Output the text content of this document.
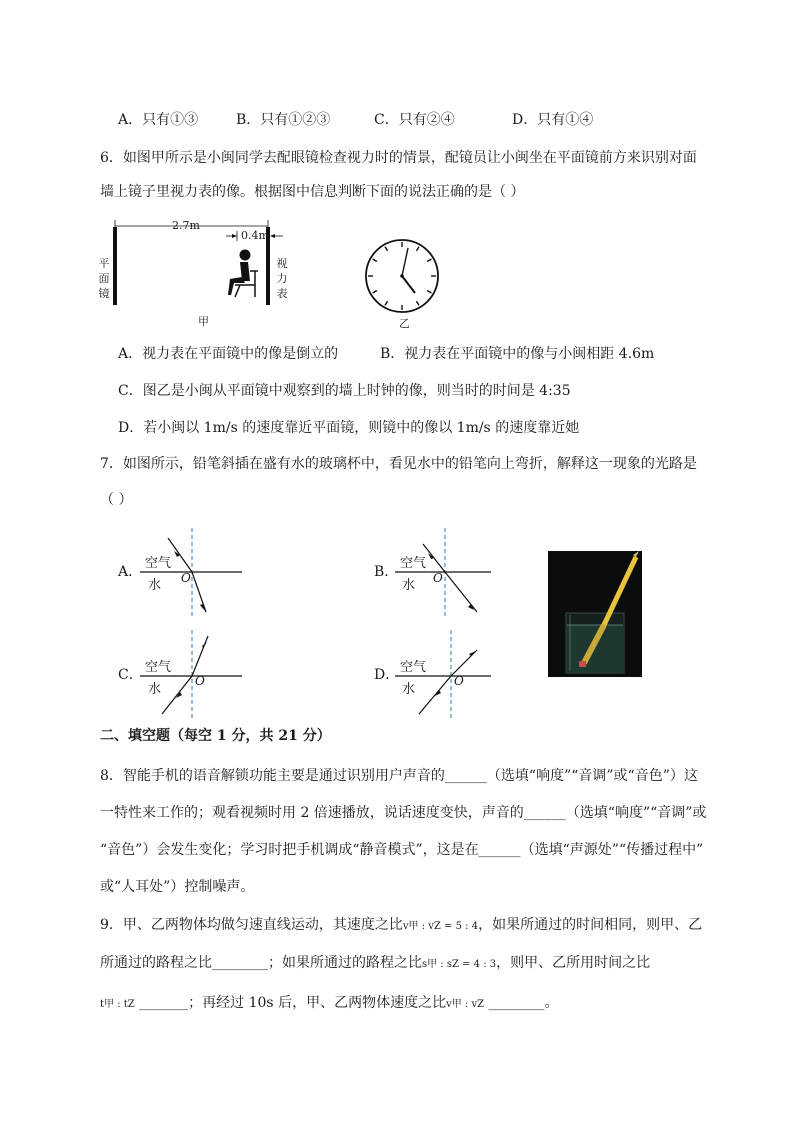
A．只有①③	B．只有①②③	C．只有②④	D．只有①④
6．如图甲所示是小闽同学去配眼镜检查视力时的情景，配镜员让小闽坐在平面镜前方来识别对面
墙上镜子里视力表的像。根据图中信息判断下面的说法正确的是（ ）
2.7m
0.4m
平面镜
视力表
甲	乙
A．视力表在平面镜中的像是倒立的	B．视力表在平面镜中的像与小闽相距 4.6m
C．图乙是小闽从平面镜中观察到的墙上时钟的像，则当时的时间是 4:35
D．若小闽以 1m/s 的速度靠近平面镜，则镜中的像以 1m/s 的速度靠近她
7．如图所示，铅笔斜插在盛有水的玻璃杯中，看见水中的铅笔向上弯折，解释这一现象的光路是
（ ）
A．
空气
水 O	B．
空气
水 O
C． 空气
水
O	D． 空气
水
O
二、填空题（每空 1 分，共 21 分）
8．智能手机的语音解锁功能主要是通过识别用户声音的______（选填“响度”“音调”或“音色”）这
一特性来工作的；观看视频时用 2 倍速播放，说话速度变快，声音的______（选填“响度”“音调”或
“音色”）会发生变化；学习时把手机调成“静音模式”，这是在______（选填“声源处”“传播过程中”
或“人耳处”）控制噪声。
9．甲、乙两物体均做匀速直线运动，其速度之比v甲 : vZ = 5 : 4，如果所通过的时间相同，则甲、乙
所通过的路程之比________；如果所通过的路程之比s甲 : sZ = 4 : 3，则甲、乙所用时间之比
t甲 : tZ _______；再经过 10s 后，甲、乙两物体速度之比v甲 : vZ ________。
